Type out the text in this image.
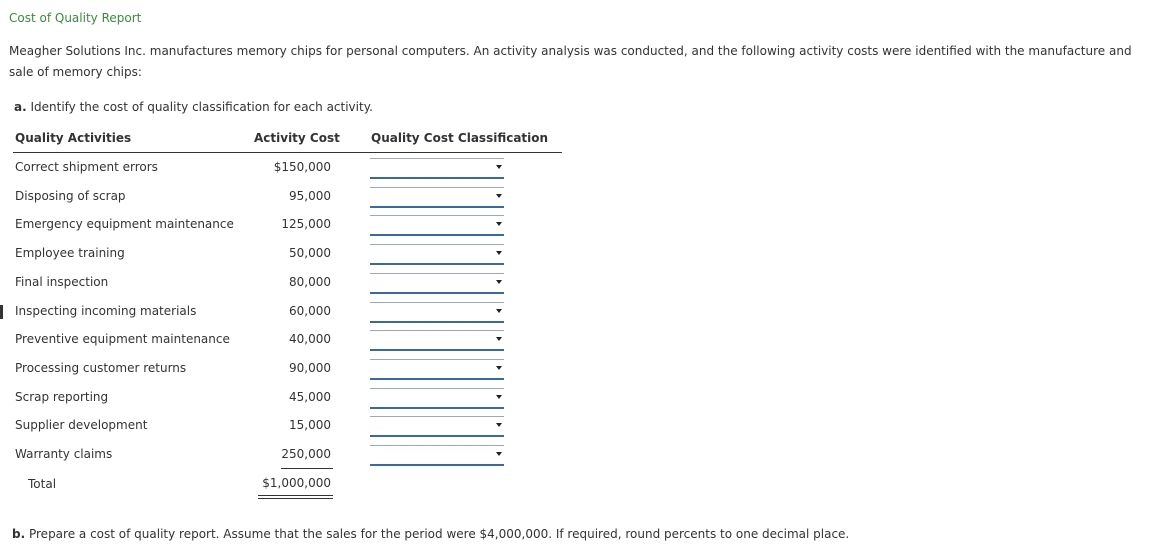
Cost of Quality Report
Meagher Solutions Inc. manufactures memory chips for personal computers. An activity analysis was conducted, and the following activity costs were identified with the manufacture and sale of memory chips:
a. Identify the cost of quality classification for each activity.
Quality Activities	Activity Cost	Quality Cost Classification
Correct shipment errors	$150,000
Disposing of scrap	95,000
Emergency equipment maintenance	125,000
Employee training	50,000
Final inspection	80,000
Inspecting incoming materials	60,000
Preventive equipment maintenance	40,000
Processing customer returns	90,000
Scrap reporting	45,000
Supplier development	15,000
Warranty claims	250,000
Total	$1,000,000
b. Prepare a cost of quality report. Assume that the sales for the period were $4,000,000. If required, round percents to one decimal place.
